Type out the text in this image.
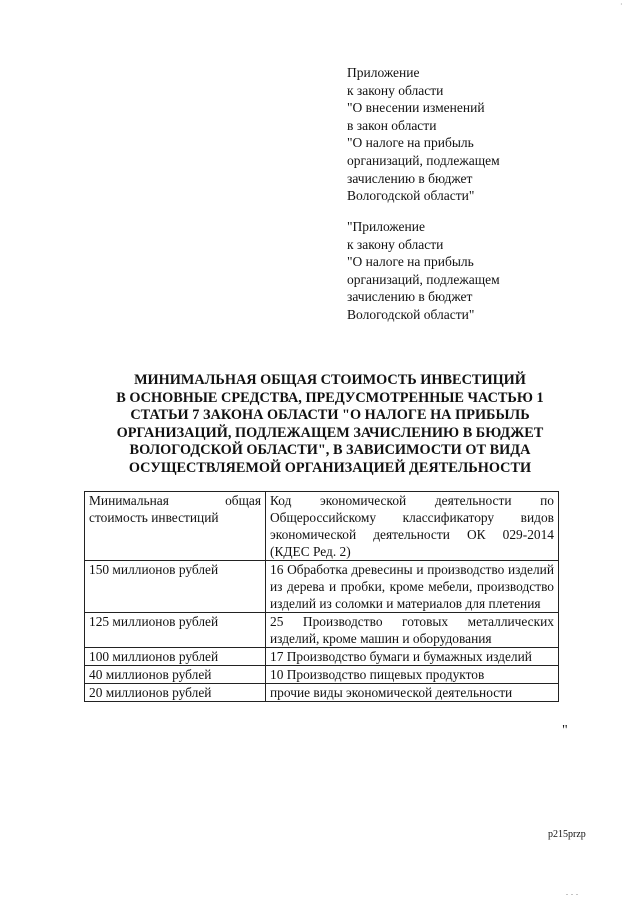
·
Приложение
к закону области
"О внесении изменений
в закон области
"О налоге на прибыль
организаций, подлежащем
зачислению в бюджет
Вологодской области"
"Приложение
к закону области
"О налоге на прибыль
организаций, подлежащем
зачислению в бюджет
Вологодской области"
МИНИМАЛЬНАЯ ОБЩАЯ СТОИМОСТЬ ИНВЕСТИЦИЙ
В ОСНОВНЫЕ СРЕДСТВА, ПРЕДУСМОТРЕННЫЕ ЧАСТЬЮ 1
СТАТЬИ 7 ЗАКОНА ОБЛАСТИ "О НАЛОГЕ НА ПРИБЫЛЬ
ОРГАНИЗАЦИЙ, ПОДЛЕЖАЩЕМ ЗАЧИСЛЕНИЮ В БЮДЖЕТ
ВОЛОГОДСКОЙ ОБЛАСТИ", В ЗАВИСИМОСТИ ОТ ВИДА
ОСУЩЕСТВЛЯЕМОЙ ОРГАНИЗАЦИЕЙ ДЕЯТЕЛЬНОСТИ
Минимальная общая стоимость инвестиций	Код экономической деятельности по Общероссийскому классификатору видов экономической деятельности ОК 029-2014 (КДЕС Ред. 2)
150 миллионов рублей	16 Обработка древесины и производство изделий из дерева и пробки, кроме мебели, производство изделий из соломки и материалов для плетения
125 миллионов рублей	25 Производство готовых металлических изделий, кроме машин и оборудования
100 миллионов рублей	17 Производство бумаги и бумажных изделий
40 миллионов рублей	10 Производство пищевых продуктов
20 миллионов рублей	прочие виды экономической деятельности
"
p215przp
...
